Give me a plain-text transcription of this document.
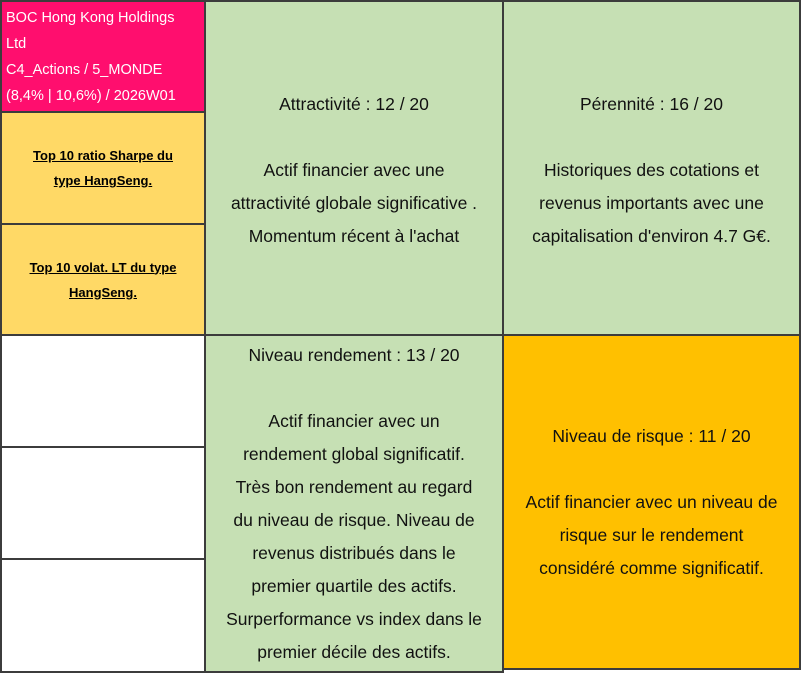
BOC Hong Kong Holdings
Ltd
C4_Actions / 5_MONDE
(8,4% | 10,6%) / 2026W01
Top 10 ratio Sharpe du
type HangSeng.
Top 10 volat. LT du type
HangSeng.
Attractivité : 12 / 20
Actif financier avec une
attractivité globale significative .
Momentum récent à l'achat
Pérennité : 16 / 20
Historiques des cotations et
revenus importants avec une
capitalisation d'environ 4.7 G€.
Niveau rendement : 13 / 20
Actif financier avec un
rendement global significatif.
Très bon rendement au regard
du niveau de risque. Niveau de
revenus distribués dans le
premier quartile des actifs.
Surperformance vs index dans le
premier décile des actifs.
Niveau de risque : 11 / 20
Actif financier avec un niveau de
risque sur le rendement
considéré comme significatif.
